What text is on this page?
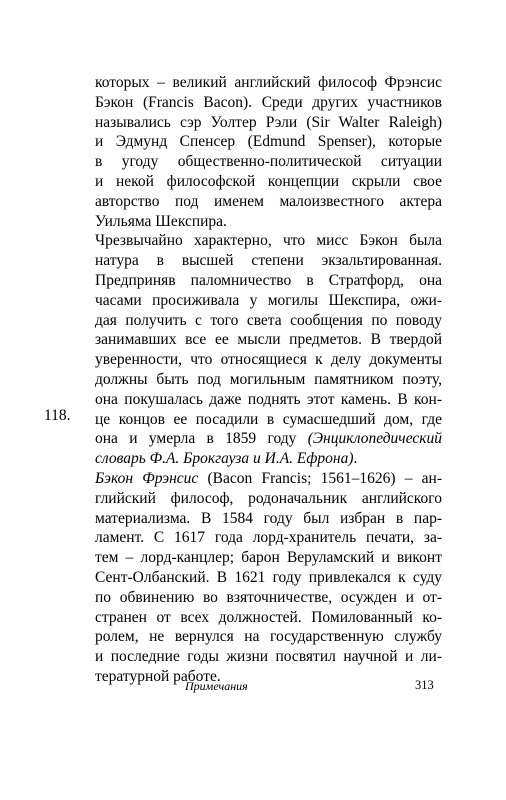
которых – великий английский философ Фрэнсис
Бэкон (Francis Bacon). Среди других участников
назывались сэр Уолтер Рэли (Sir Walter Raleigh)
и Эдмунд Спенсер (Edmund Spenser), которые
в угоду общественно-политической ситуации
и некой философской концепции скрыли свое
авторство под именем малоизвестного актера
Уильяма Шекспира.
Чрезвычайно характерно, что мисс Бэкон была
натура в высшей степени экзальтированная.
Предприняв паломничество в Стратфорд, она
часами просиживала у могилы Шекспира, ожи-
дая получить с того света сообщения по поводу
занимавших все ее мысли предметов. В твердой
уверенности, что относящиеся к делу документы
должны быть под могильным памятником поэту,
она покушалась даже поднять этот камень. В кон-
це концов ее посадили в сумасшедший дом, где
она и умерла в 1859 году (Энциклопедический
словарь Ф.А. Брокгауза и И.А. Ефрона).
Бэкон Фрэнсис (Bacon Francis; 1561–1626) – ан-
глийский философ, родоначальник английского
материализма. В 1584 году был избран в пар-
ламент. С 1617 года лорд-хранитель печати, за-
тем – лорд-канцлер; барон Веруламский и виконт
Сент-Олбанский. В 1621 году привлекался к суду
по обвинению во взяточничестве, осужден и от-
странен от всех должностей. Помилованный ко-
ролем, не вернулся на государственную службу
и последние годы жизни посвятил научной и ли-
тературной работе.
118.
Примечания	313
